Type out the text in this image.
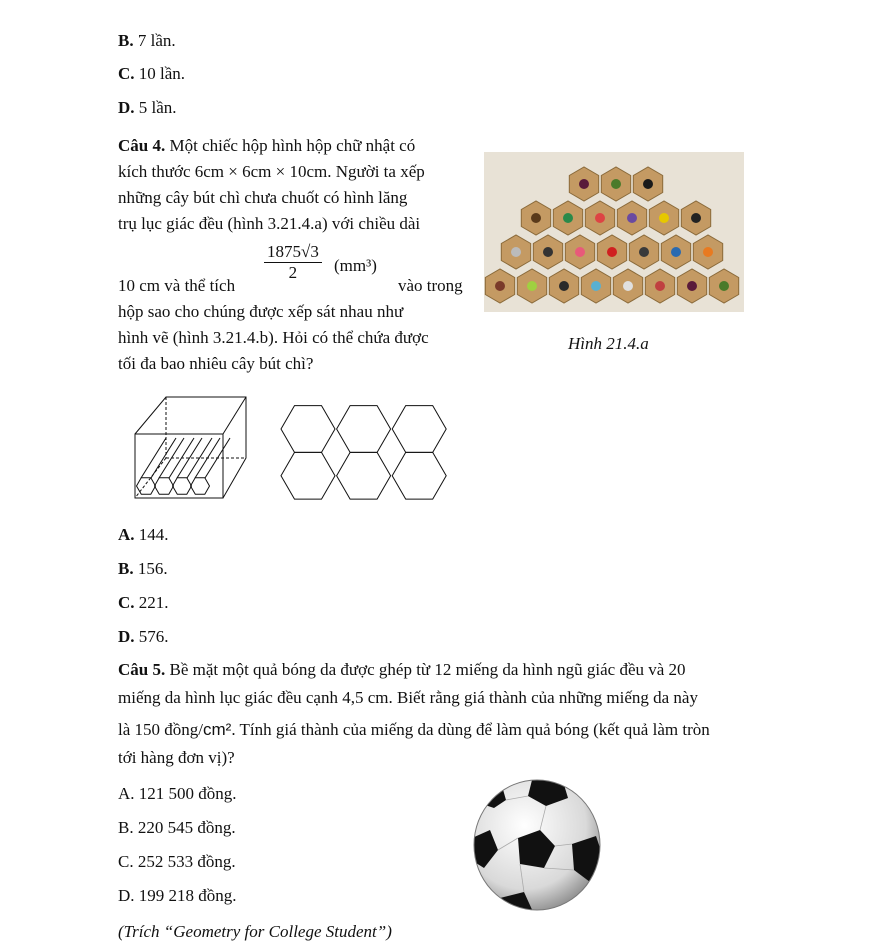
B. 7 lần.
C. 10 lần.
D. 5 lần.
Câu 4. Một chiếc hộp hình hộp chữ nhật có
kích thước 6cm × 6cm × 10cm. Người ta xếp
những cây bút chì chưa chuốt có hình lăng
trụ lục giác đều (hình 3.21.4.a) với chiều dài
10 cm và thể tích
$\frac{1875√3}{2} (mm^3)$
vào trong
hộp sao cho chúng được xếp sát nhau như
hình vẽ (hình 3.21.4.b). Hỏi có thể chứa được
tối đa bao nhiêu cây bút chì?
Hình 21.4.a
A. 144.
B. 156.
C. 221.
D. 576.
Câu 5. Bề mặt một quả bóng da được ghép từ 12 miếng da hình ngũ giác đều và 20
miếng da hình lục giác đều cạnh 4,5 cm. Biết rằng giá thành của những miếng da này
là 150 đồng/cm². Tính giá thành của miếng da dùng để làm quả bóng (kết quả làm tròn
tới hàng đơn vị)?
A. 121 500 đồng.
B. 220 545 đồng.
C. 252 533 đồng.
D. 199 218 đồng.
(Trích “Geometry for College Student”)
